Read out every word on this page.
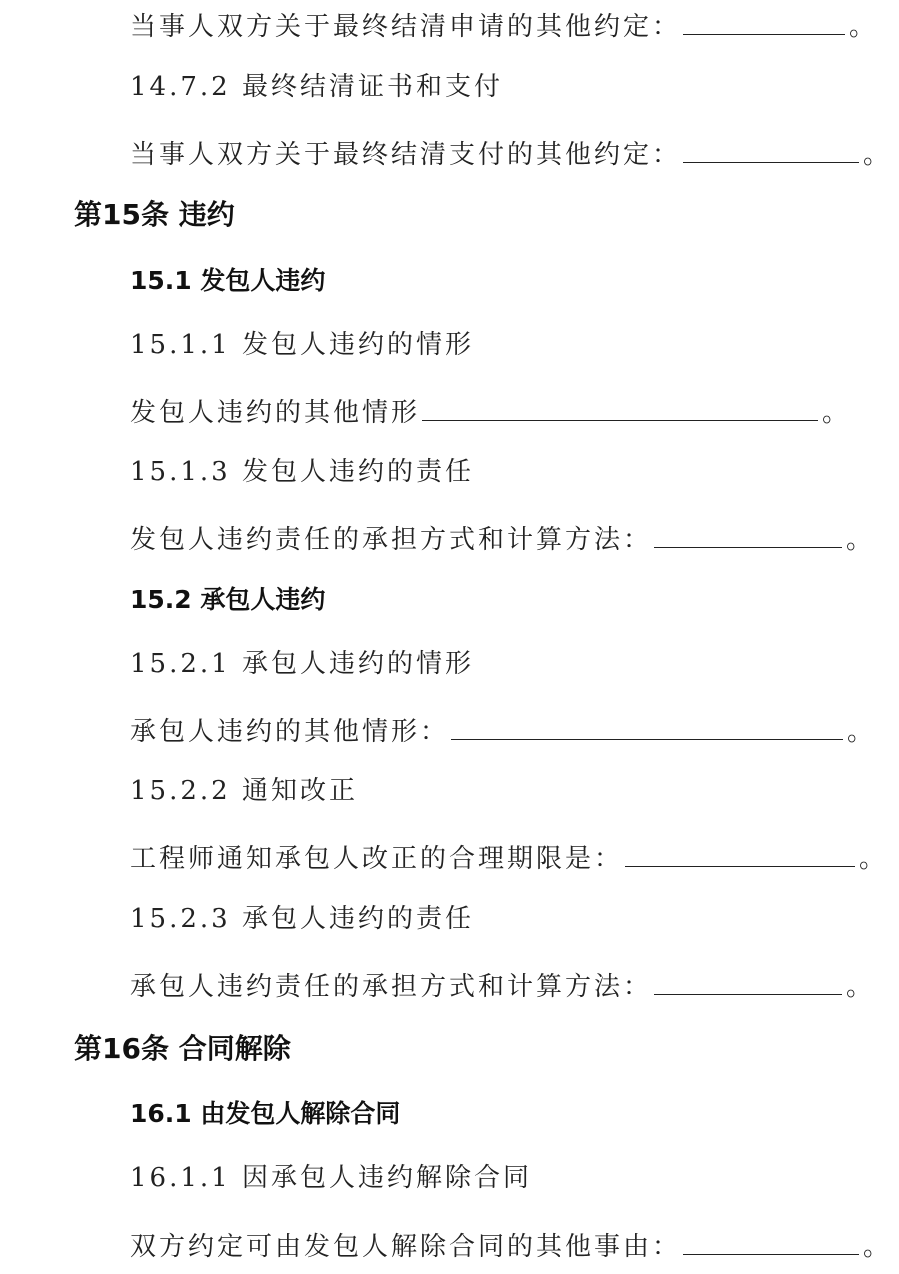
当事人双方关于最终结清申请的其他约定：	。
14.7.2 最终结清证书和支付
当事人双方关于最终结清支付的其他约定：	。
第15条 违约
15.1 发包人违约
15.1.1 发包人违约的情形
发包人违约的其他情形	。
15.1.3 发包人违约的责任
发包人违约责任的承担方式和计算方法：	。
15.2 承包人违约
15.2.1 承包人违约的情形
承包人违约的其他情形：	。
15.2.2 通知改正
工程师通知承包人改正的合理期限是：	。
15.2.3 承包人违约的责任
承包人违约责任的承担方式和计算方法：	。
第16条 合同解除
16.1 由发包人解除合同
16.1.1 因承包人违约解除合同
双方约定可由发包人解除合同的其他事由：	。
